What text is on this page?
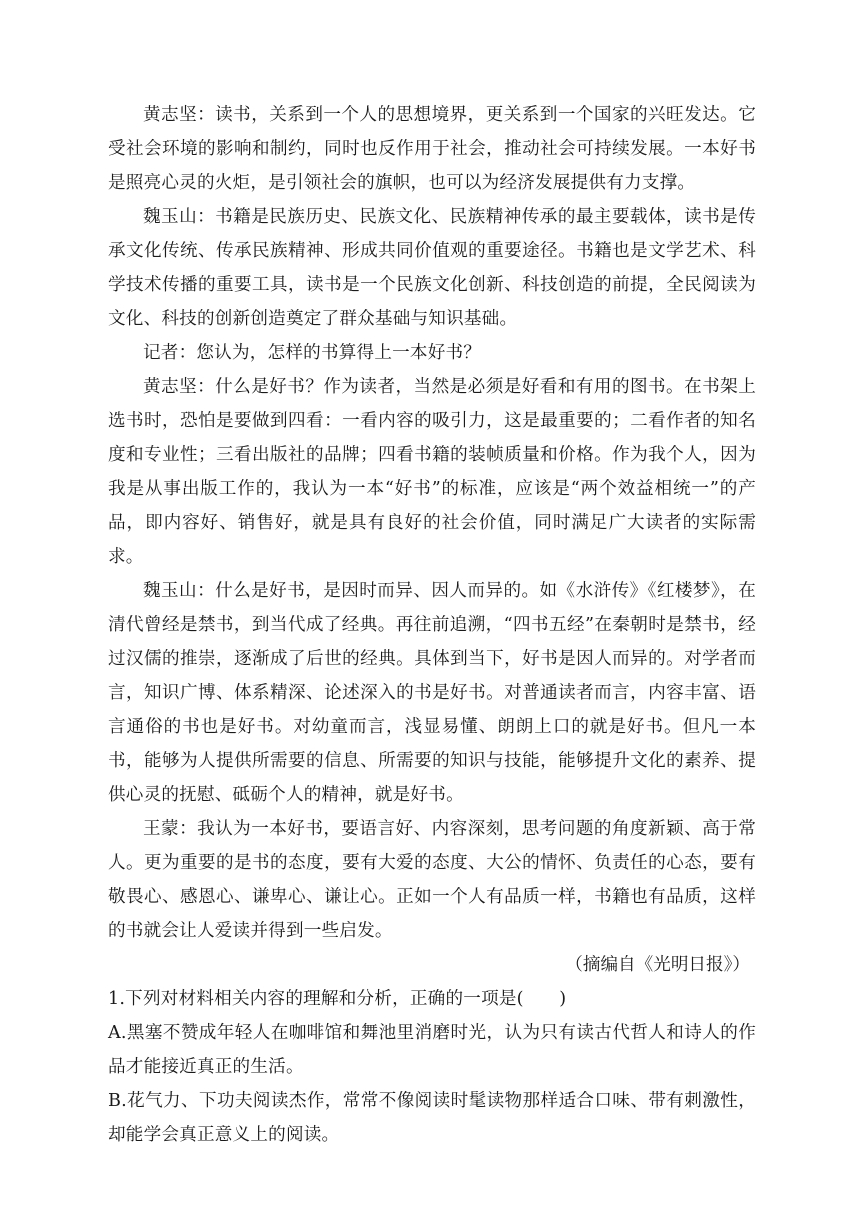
黄志坚：读书，关系到一个人的思想境界，更关系到一个国家的兴旺发达。它受社会环境的影响和制约，同时也反作用于社会，推动社会可持续发展。一本好书是照亮心灵的火炬，是引领社会的旗帜，也可以为经济发展提供有力支撑。

魏玉山：书籍是民族历史、民族文化、民族精神传承的最主要载体，读书是传承文化传统、传承民族精神、形成共同价值观的重要途径。书籍也是文学艺术、科学技术传播的重要工具，读书是一个民族文化创新、科技创造的前提，全民阅读为文化、科技的创新创造奠定了群众基础与知识基础。

记者：您认为，怎样的书算得上一本好书？

黄志坚：什么是好书？作为读者，当然是必须是好看和有用的图书。在书架上选书时，恐怕是要做到四看：一看内容的吸引力，这是最重要的；二看作者的知名度和专业性；三看出版社的品牌；四看书籍的装帧质量和价格。作为我个人，因为我是从事出版工作的，我认为一本“好书”的标准，应该是“两个效益相统一”的产品，即内容好、销售好，就是具有良好的社会价值，同时满足广大读者的实际需求。

魏玉山：什么是好书，是因时而异、因人而异的。如《水浒传》《红楼梦》，在清代曾经是禁书，到当代成了经典。再往前追溯，“四书五经”在秦朝时是禁书，经过汉儒的推崇，逐渐成了后世的经典。具体到当下，好书是因人而异的。对学者而言，知识广博、体系精深、论述深入的书是好书。对普通读者而言，内容丰富、语言通俗的书也是好书。对幼童而言，浅显易懂、朗朗上口的就是好书。但凡一本书，能够为人提供所需要的信息、所需要的知识与技能，能够提升文化的素养、提供心灵的抚慰、砥砺个人的精神，就是好书。

王蒙：我认为一本好书，要语言好、内容深刻，思考问题的角度新颖、高于常人。更为重要的是书的态度，要有大爱的态度、大公的情怀、负责任的心态，要有敬畏心、感恩心、谦卑心、谦让心。正如一个人有品质一样，书籍也有品质，这样的书就会让人爱读并得到一些启发。

（摘编自《光明日报》）

1.下列对材料相关内容的理解和分析，正确的一项是(　　)

A.黑塞不赞成年轻人在咖啡馆和舞池里消磨时光，认为只有读古代哲人和诗人的作品才能接近真正的生活。

B.花气力、下功夫阅读杰作，常常不像阅读时髦读物那样适合口味、带有刺激性，却能学会真正意义上的阅读。
